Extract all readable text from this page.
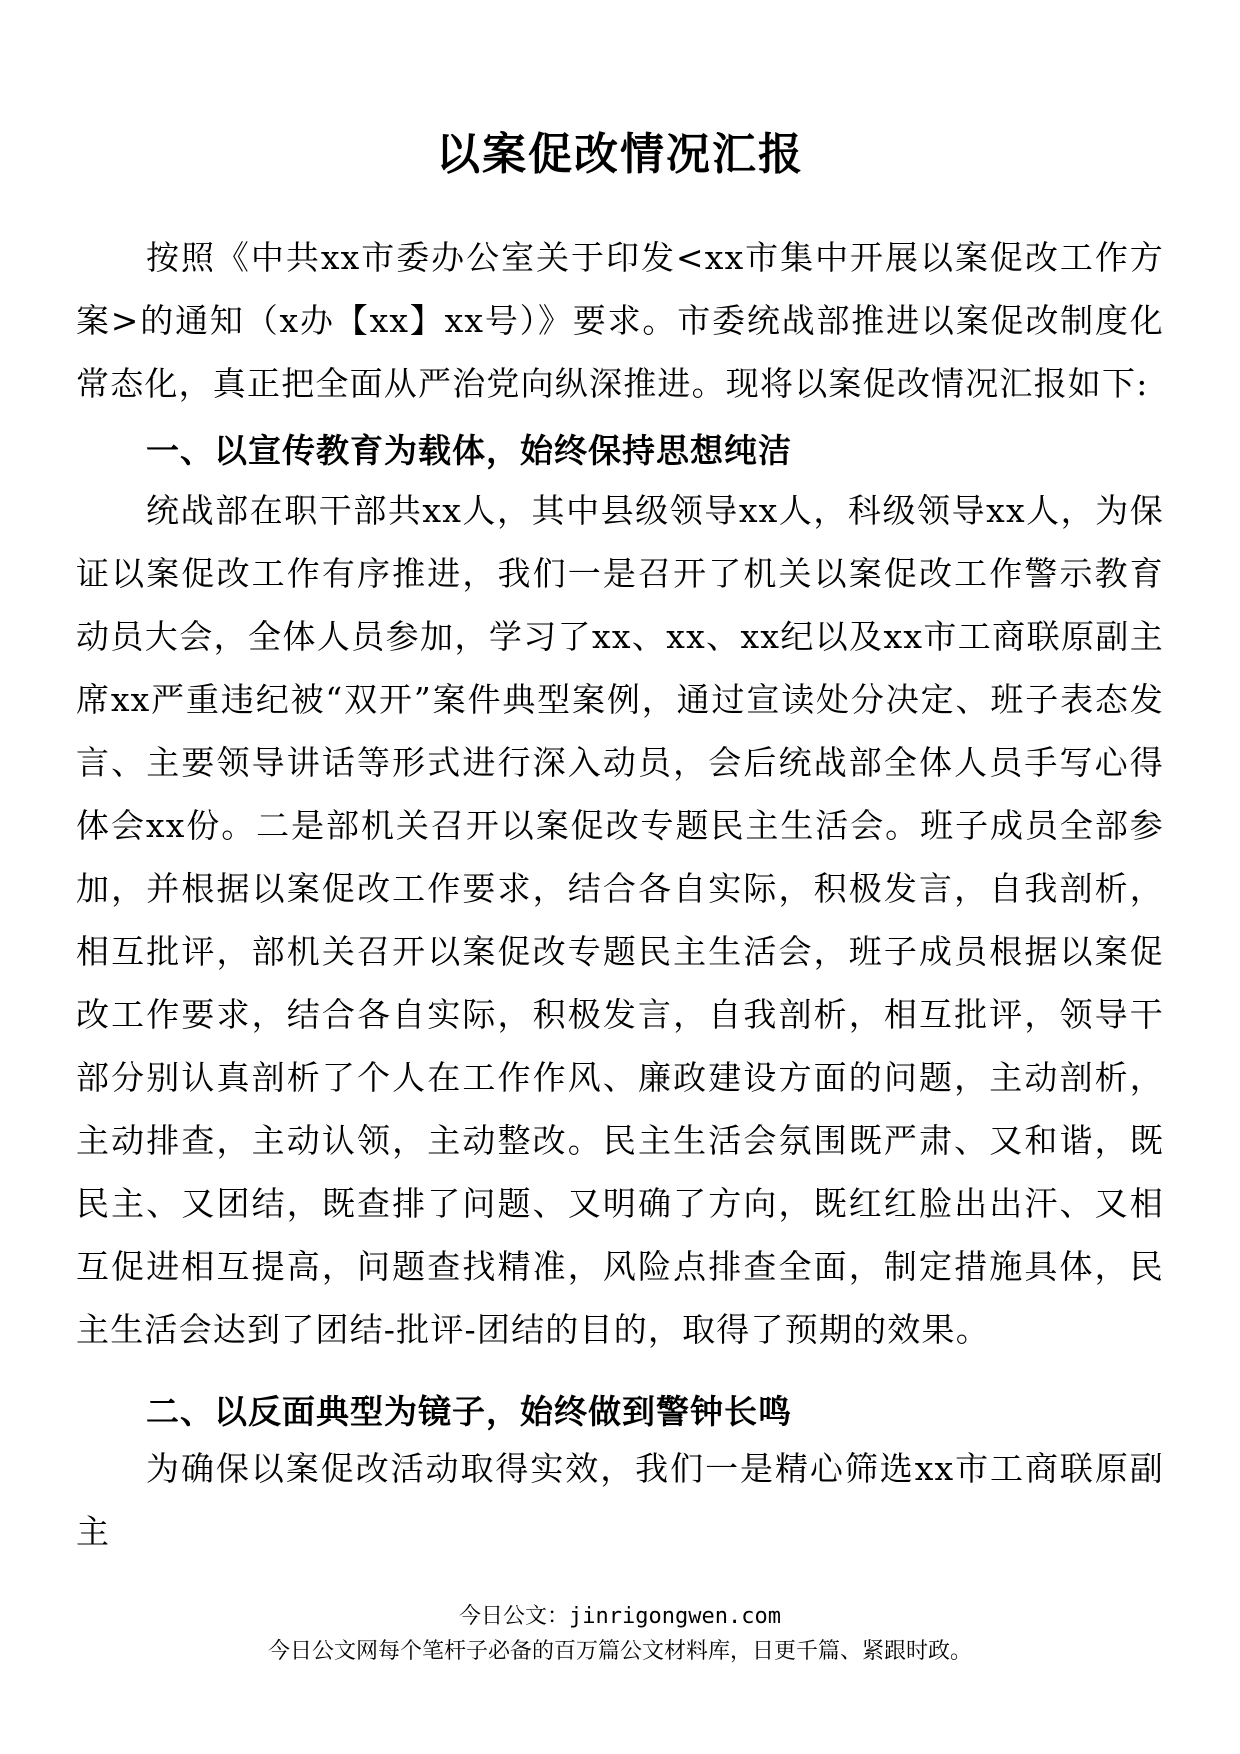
以案促改情况汇报

按照《中共xx市委办公室关于印发<xx市集中开展以案促改工作方案>的通知（x办【xx】xx号）》要求。市委统战部推进以案促改制度化常态化，真正把全面从严治党向纵深推进。现将以案促改情况汇报如下:

一、以宣传教育为载体，始终保持思想纯洁

统战部在职干部共xx人，其中县级领导xx人，科级领导xx人，为保证以案促改工作有序推进，我们一是召开了机关以案促改工作警示教育动员大会，全体人员参加，学习了xx、xx、xx纪以及xx市工商联原副主席xx严重违纪被“双开”案件典型案例，通过宣读处分决定、班子表态发言、主要领导讲话等形式进行深入动员，会后统战部全体人员手写心得体会xx份。二是部机关召开以案促改专题民主生活会。班子成员全部参加，并根据以案促改工作要求，结合各自实际，积极发言，自我剖析，相互批评，部机关召开以案促改专题民主生活会，班子成员根据以案促改工作要求，结合各自实际，积极发言，自我剖析，相互批评，领导干部分别认真剖析了个人在工作作风、廉政建设方面的问题，主动剖析，主动排查，主动认领，主动整改。民主生活会氛围既严肃、又和谐，既民主、又团结，既查排了问题、又明确了方向，既红红脸出出汗、又相互促进相互提高，问题查找精准，风险点排查全面，制定措施具体，民主生活会达到了团结-批评-团结的目的，取得了预期的效果。

二、以反面典型为镜子，始终做到警钟长鸣

为确保以案促改活动取得实效，我们一是精心筛选xx市工商联原副主

今日公文：jinrigongwen.com
今日公文网每个笔杆子必备的百万篇公文材料库，日更千篇、紧跟时政。
